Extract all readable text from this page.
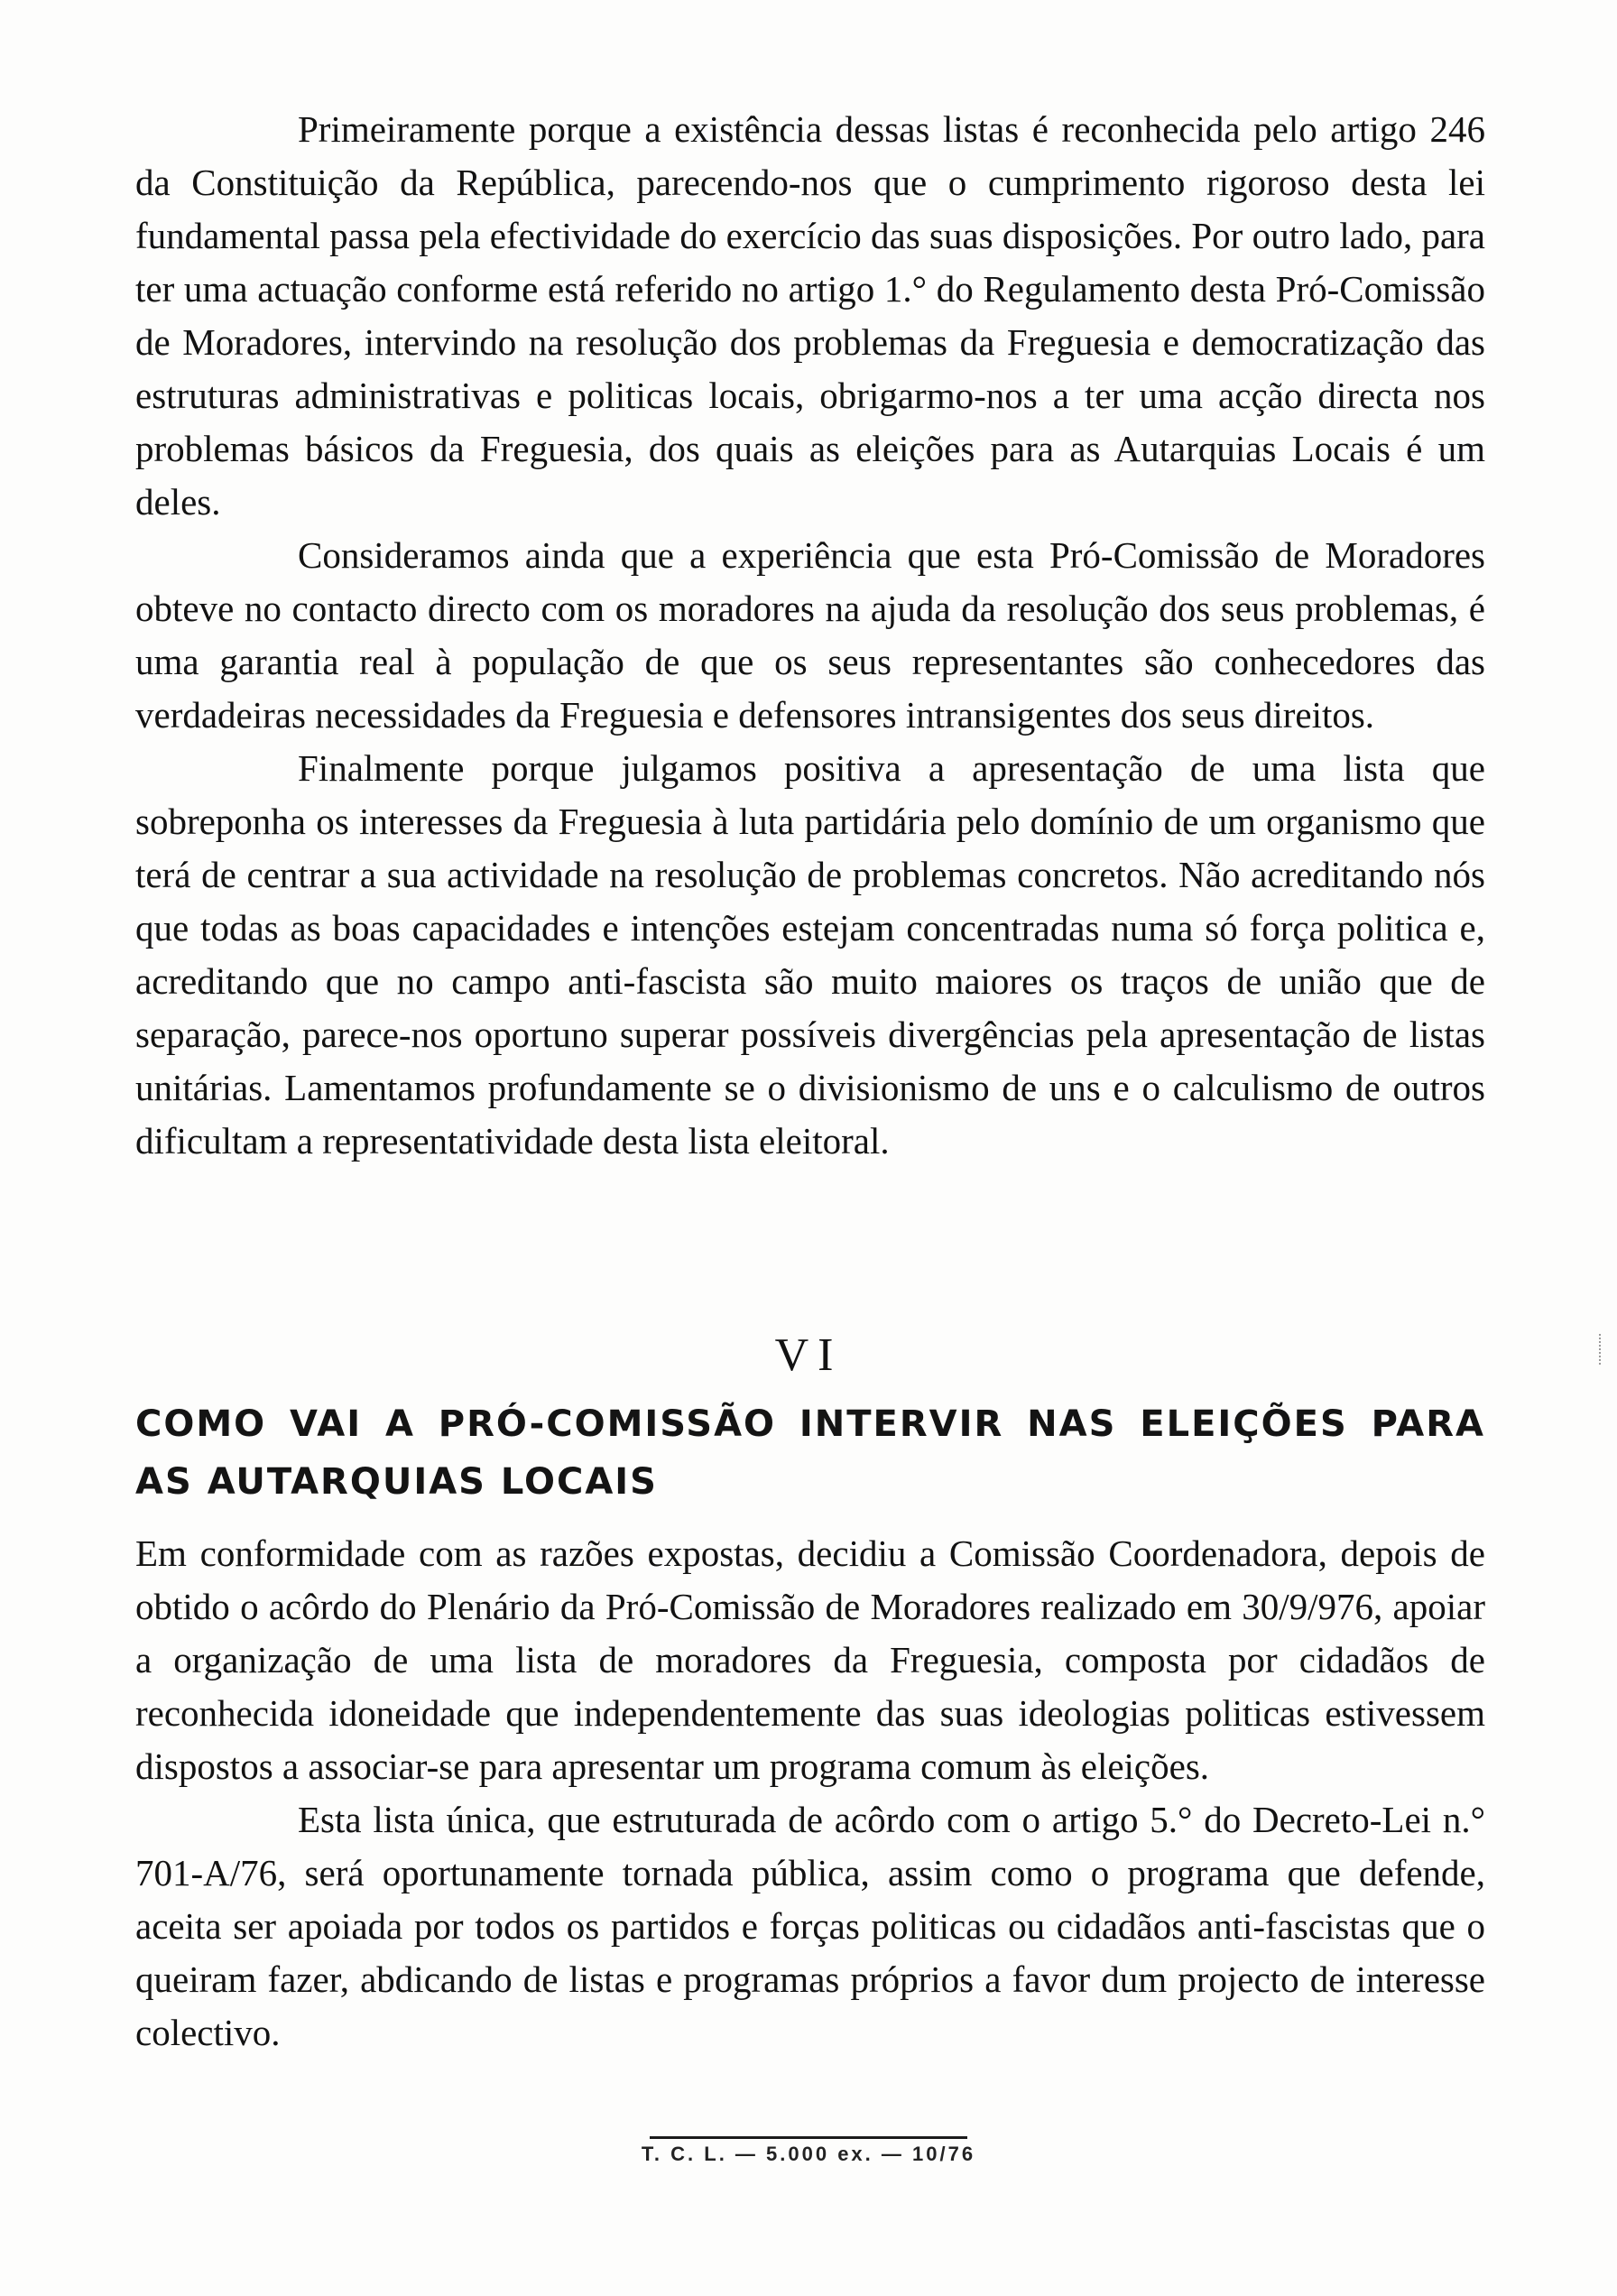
Primeiramente porque a existência dessas listas é reconhecida pelo artigo 246 da Constituição da República, parecendo-nos que o cumprimento rigoroso desta lei fundamental passa pela efectividade do exercício das suas disposições. Por outro lado, para ter uma actuação conforme está referido no artigo 1.° do Regulamento desta Pró-Comissão de Moradores, intervindo na resolução dos problemas da Freguesia e democratização das estruturas administrativas e politicas locais, obrigarmo-nos a ter uma acção directa nos problemas básicos da Freguesia, dos quais as eleições para as Autarquias Locais é um deles.

Consideramos ainda que a experiência que esta Pró-Comissão de Moradores obteve no contacto directo com os moradores na ajuda da resolução dos seus problemas, é uma garantia real à população de que os seus representantes são conhecedores das verdadeiras necessidades da Freguesia e defensores intransigentes dos seus direitos.

Finalmente porque julgamos positiva a apresentação de uma lista que sobreponha os interesses da Freguesia à luta partidária pelo domínio de um organismo que terá de centrar a sua actividade na resolução de problemas concretos. Não acreditando nós que todas as boas capacidades e intenções estejam concentradas numa só força politica e, acreditando que no campo anti-fascista são muito maiores os traços de união que de separação, parece-nos oportuno superar possíveis divergências pela apresentação de listas unitárias. Lamentamos profundamente se o divisionismo de uns e o calculismo de outros dificultam a representatividade desta lista eleitoral.

VI

COMO VAI A PRÓ-COMISSÃO INTERVIR NAS ELEIÇÕES PARA AS AUTARQUIAS LOCAIS

Em conformidade com as razões expostas, decidiu a Comissão Coordenadora, depois de obtido o acôrdo do Plenário da Pró-Comissão de Moradores realizado em 30/9/976, apoiar a organização de uma lista de moradores da Freguesia, composta por cidadãos de reconhecida idoneidade que independentemente das suas ideologias politicas estivessem dispostos a associar-se para apresentar um programa comum às eleições.

Esta lista única, que estruturada de acôrdo com o artigo 5.° do Decreto-Lei n.° 701-A/76, será oportunamente tornada pública, assim como o programa que defende, aceita ser apoiada por todos os partidos e forças politicas ou cidadãos anti-fascistas que o queiram fazer, abdicando de listas e programas próprios a favor dum projecto de interesse colectivo.

T. C. L. — 5.000 ex. — 10/76
